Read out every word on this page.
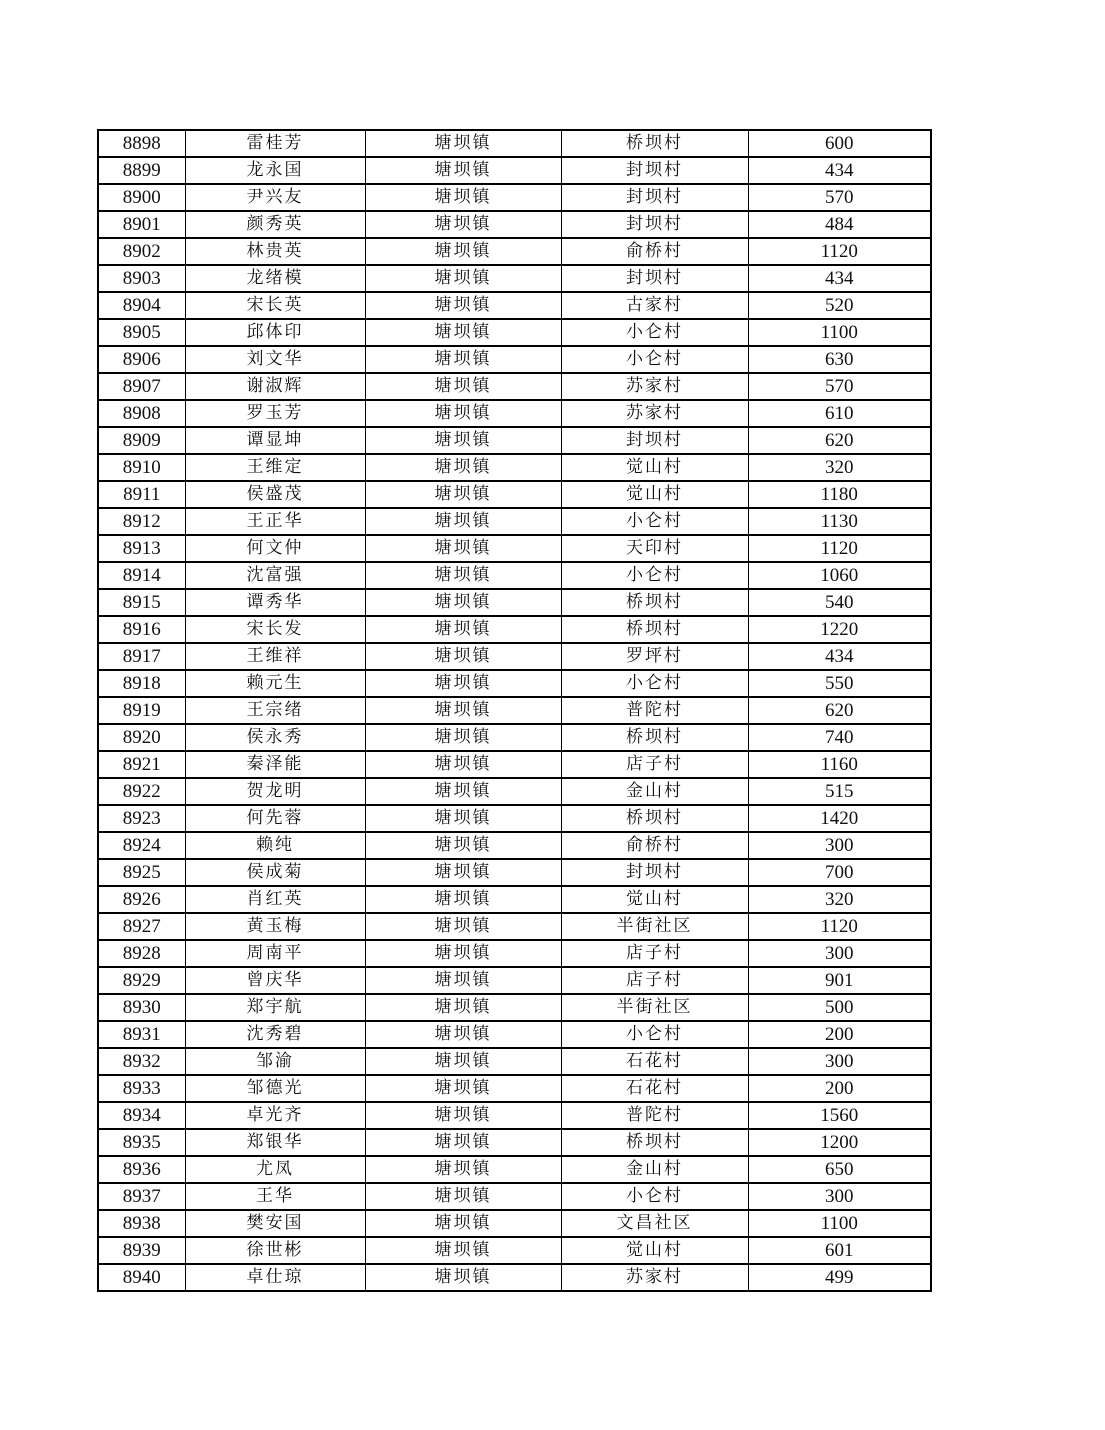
8898	雷桂芳	塘坝镇	桥坝村	600
8899	龙永国	塘坝镇	封坝村	434
8900	尹兴友	塘坝镇	封坝村	570
8901	颜秀英	塘坝镇	封坝村	484
8902	林贵英	塘坝镇	俞桥村	1120
8903	龙绪模	塘坝镇	封坝村	434
8904	宋长英	塘坝镇	古家村	520
8905	邱体印	塘坝镇	小仑村	1100
8906	刘文华	塘坝镇	小仑村	630
8907	谢淑辉	塘坝镇	苏家村	570
8908	罗玉芳	塘坝镇	苏家村	610
8909	谭显坤	塘坝镇	封坝村	620
8910	王维定	塘坝镇	觉山村	320
8911	侯盛茂	塘坝镇	觉山村	1180
8912	王正华	塘坝镇	小仑村	1130
8913	何文仲	塘坝镇	天印村	1120
8914	沈富强	塘坝镇	小仑村	1060
8915	谭秀华	塘坝镇	桥坝村	540
8916	宋长发	塘坝镇	桥坝村	1220
8917	王维祥	塘坝镇	罗坪村	434
8918	赖元生	塘坝镇	小仑村	550
8919	王宗绪	塘坝镇	普陀村	620
8920	侯永秀	塘坝镇	桥坝村	740
8921	秦泽能	塘坝镇	店子村	1160
8922	贺龙明	塘坝镇	金山村	515
8923	何先蓉	塘坝镇	桥坝村	1420
8924	赖纯	塘坝镇	俞桥村	300
8925	侯成菊	塘坝镇	封坝村	700
8926	肖红英	塘坝镇	觉山村	320
8927	黄玉梅	塘坝镇	半街社区	1120
8928	周南平	塘坝镇	店子村	300
8929	曾庆华	塘坝镇	店子村	901
8930	郑宇航	塘坝镇	半街社区	500
8931	沈秀碧	塘坝镇	小仑村	200
8932	邹渝	塘坝镇	石花村	300
8933	邹德光	塘坝镇	石花村	200
8934	卓光齐	塘坝镇	普陀村	1560
8935	郑银华	塘坝镇	桥坝村	1200
8936	尤凤	塘坝镇	金山村	650
8937	王华	塘坝镇	小仑村	300
8938	樊安国	塘坝镇	文昌社区	1100
8939	徐世彬	塘坝镇	觉山村	601
8940	卓仕琼	塘坝镇	苏家村	499
